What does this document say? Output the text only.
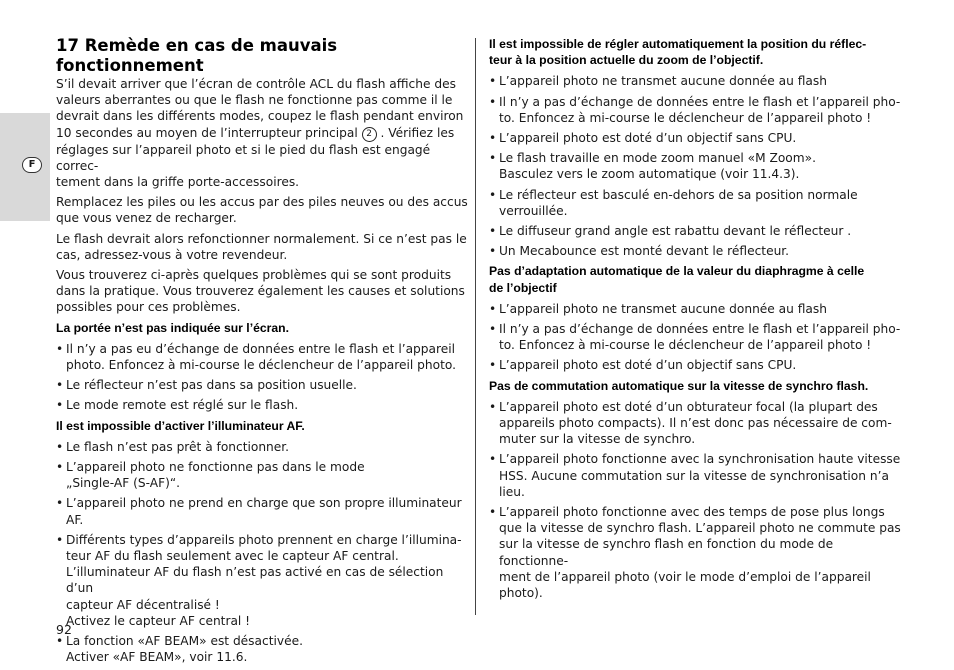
F
17 Remède en cas de mauvais fonctionnement

S’il devait arriver que l’écran de contrôle ACL du flash affiche des
valeurs aberrantes ou que le flash ne fonctionne pas comme il le
devrait dans les différents modes, coupez le flash pendant environ
10 secondes au moyen de l’interrupteur principal 2 . Vérifiez les
réglages sur l’appareil photo et si le pied du flash est engagé correc-
tement dans la griffe porte-accessoires.

Remplacez les piles ou les accus par des piles neuves ou des accus
que vous venez de recharger.

Le flash devrait alors refonctionner normalement. Si ce n’est pas le
cas, adressez-vous à votre revendeur.

Vous trouverez ci-après quelques problèmes qui se sont produits
dans la pratique. Vous trouverez également les causes et solutions
possibles pour ces problèmes.

La portée n’est pas indiquée sur l’écran.
• Il n’y a pas eu d’échange de données entre le flash et l’appareil
photo. Enfoncez à mi-course le déclencheur de l’appareil photo.
• Le réflecteur n’est pas dans sa position usuelle.
• Le mode remote est réglé sur le flash.
Il est impossible d’activer l’illuminateur AF.
• Le flash n’est pas prêt à fonctionner.
• L’appareil photo ne fonctionne pas dans le mode
„Single-AF (S-AF)“.
• L’appareil photo ne prend en charge que son propre illuminateur
AF.
• Différents types d’appareils photo prennent en charge l’illumina-
teur AF du flash seulement avec le capteur AF central.
L’illuminateur AF du flash n’est pas activé en cas de sélection d’un
capteur AF décentralisé !
Activez le capteur AF central !
• La fonction «AF BEAM» est désactivée.
Activer «AF BEAM», voir 11.6.
Il est impossible de régler automatiquement la position du réflec-
teur à la position actuelle du zoom de l’objectif.
• L’appareil photo ne transmet aucune donnée au flash
• Il n’y a pas d’échange de données entre le flash et l’appareil pho-
to. Enfoncez à mi-course le déclencheur de l’appareil photo !
• L’appareil photo est doté d’un objectif sans CPU.
• Le flash travaille en mode zoom manuel «M Zoom».
Basculez vers le zoom automatique (voir 11.4.3).
• Le réflecteur est basculé en-dehors de sa position normale
verrouillée.
• Le diffuseur grand angle est rabattu devant le réflecteur .
• Un Mecabounce est monté devant le réflecteur.
Pas d’adaptation automatique de la valeur du diaphragme à celle
de l’objectif
• L’appareil photo ne transmet aucune donnée au flash
• Il n’y a pas d’échange de données entre le flash et l’appareil pho-
to. Enfoncez à mi-course le déclencheur de l’appareil photo !
• L’appareil photo est doté d’un objectif sans CPU.
Pas de commutation automatique sur la vitesse de synchro flash.
• L’appareil photo est doté d’un obturateur focal (la plupart des
appareils photo compacts). Il n’est donc pas nécessaire de com-
muter sur la vitesse de synchro.
• L’appareil photo fonctionne avec la synchronisation haute vitesse
HSS. Aucune commutation sur la vitesse de synchronisation n’a
lieu.
• L’appareil photo fonctionne avec des temps de pose plus longs
que la vitesse de synchro flash. L’appareil photo ne commute pas
sur la vitesse de synchro flash en fonction du mode de fonctionne-
ment de l’appareil photo (voir le mode d’emploi de l’appareil
photo).
92
